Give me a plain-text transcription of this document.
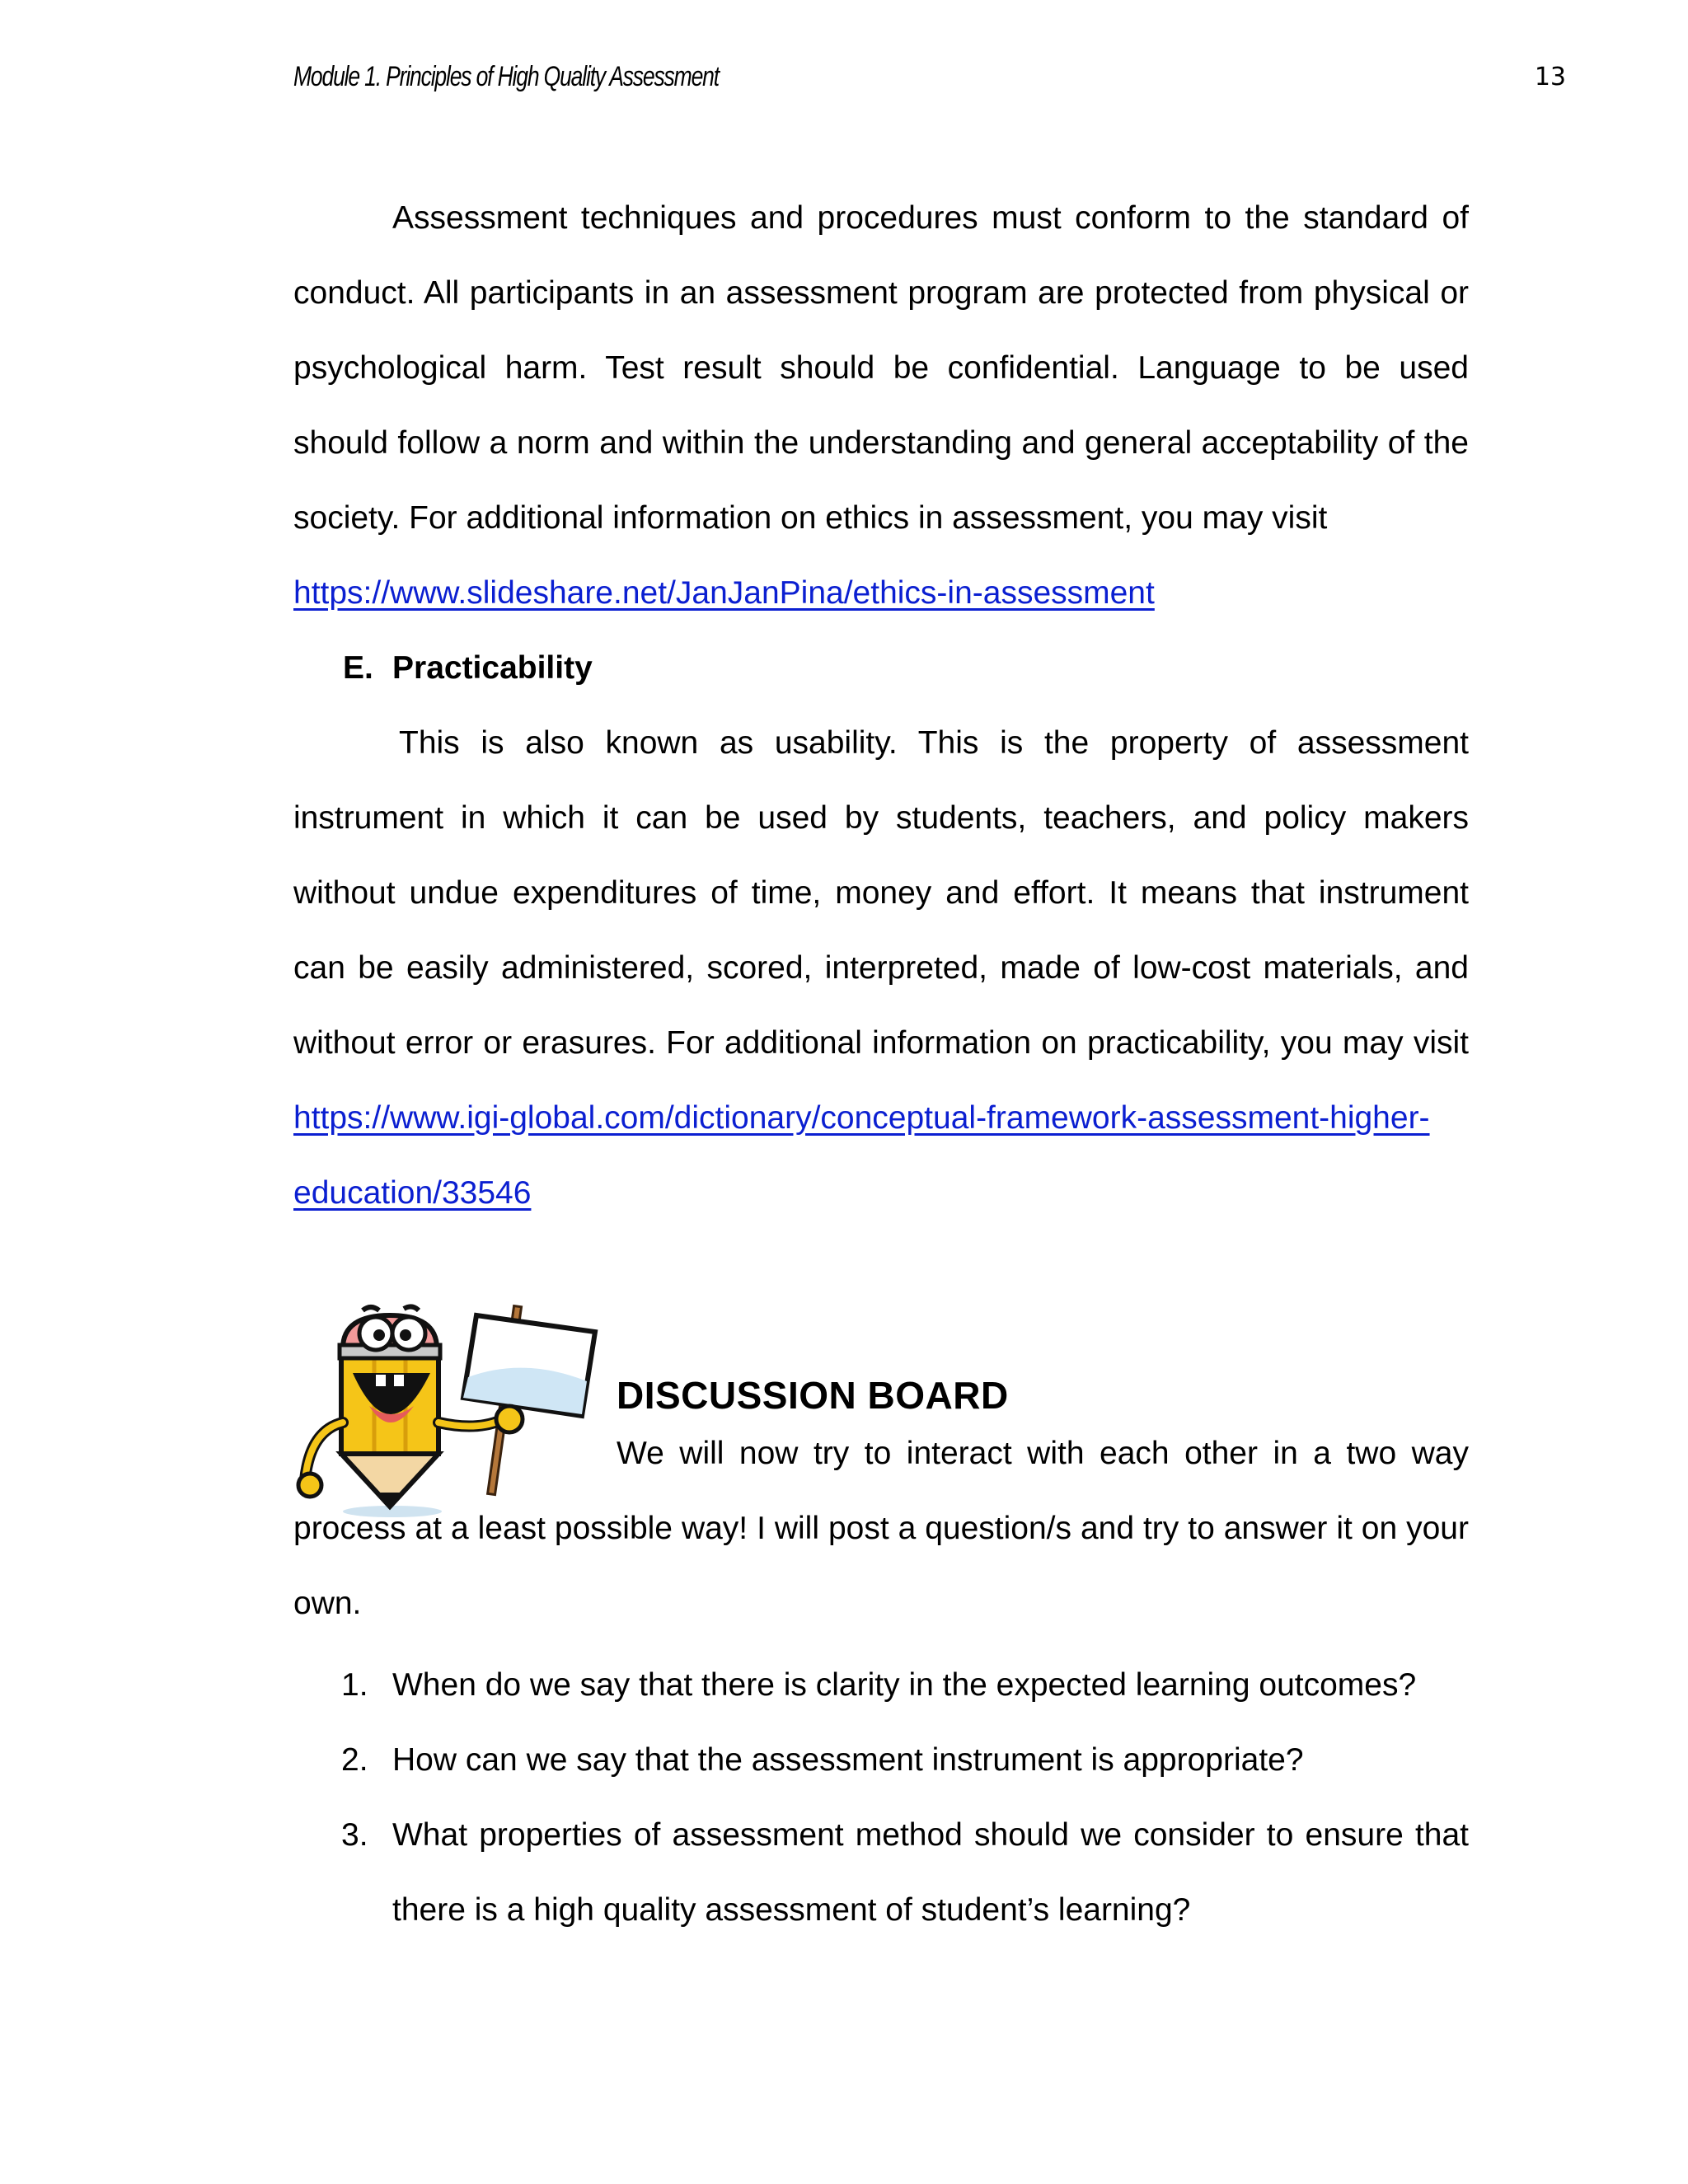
Module 1. Principles of High Quality Assessment	13

Assessment techniques and procedures must conform to the standard of conduct. All participants in an assessment program are protected from physical or psychological harm. Test result should be confidential. Language to be used should follow a norm and within the understanding and general acceptability of the society. For additional information on ethics in assessment, you may visit
https://www.slideshare.net/JanJanPina/ethics-in-assessment

E. Practicability

This is also known as usability. This is the property of assessment instrument in which it can be used by students, teachers, and policy makers without undue expenditures of time, money and effort. It means that instrument can be easily administered, scored, interpreted, made of low-cost materials, and without error or erasures. For additional information on practicability, you may visit https://www.igi-global.com/dictionary/conceptual-framework-assessment-higher-education/33546

DISCUSSION BOARD

We will now try to interact with each other in a two way process at a least possible way! I will post a question/s and try to answer it on your own.

1. When do we say that there is clarity in the expected learning outcomes?
2. How can we say that the assessment instrument is appropriate?
3. What properties of assessment method should we consider to ensure that there is a high quality assessment of student’s learning?
